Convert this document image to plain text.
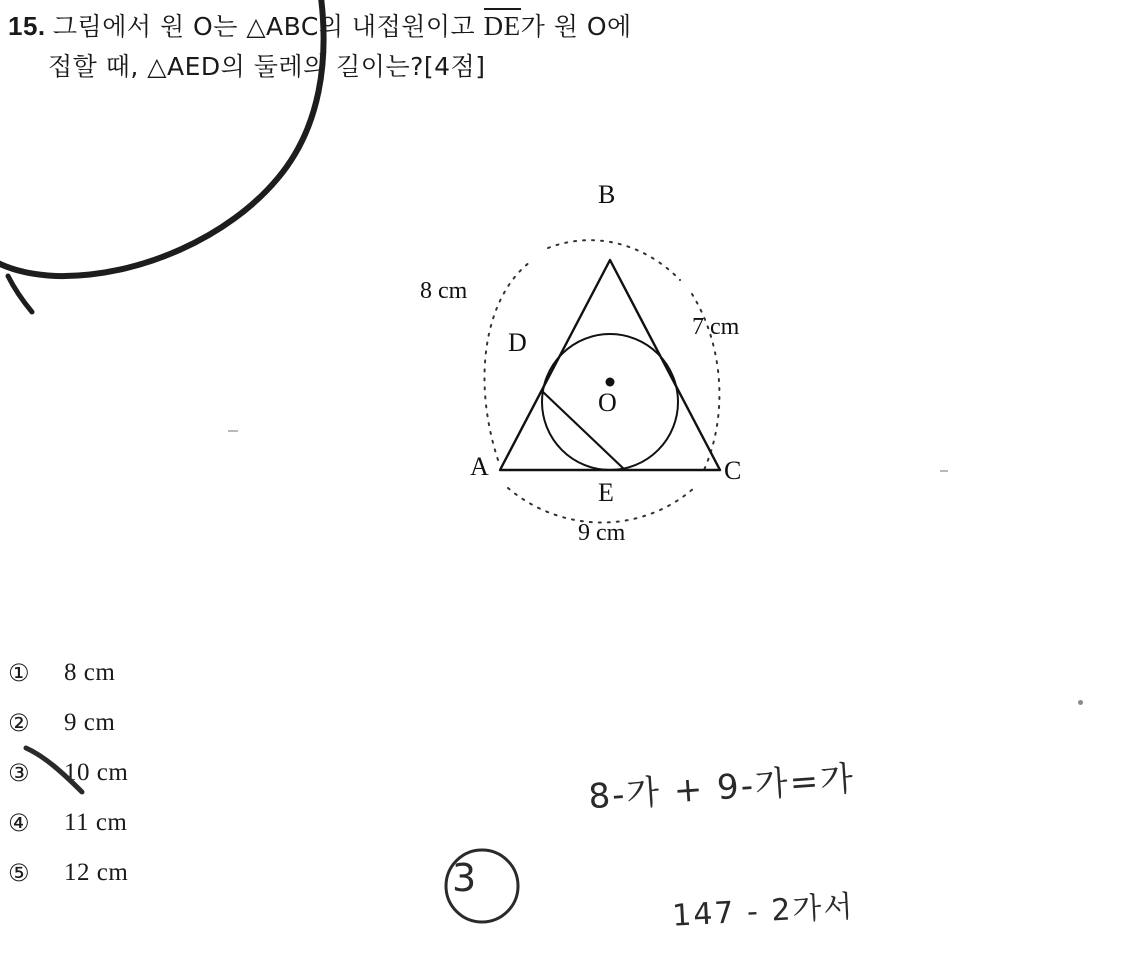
15. 그림에서 원 O는 △ABC의 내접원이고 DE가 원 O에
접할 때, △AED의 둘레의 길이는?[4점]
B
A	C
D
E
O
8 cm
7 cm
9 cm
①	8 cm
②	9 cm
③	10 cm
④	11 cm
⑤	12 cm	3
8-가 + 9-가=가
147 - 2가서
